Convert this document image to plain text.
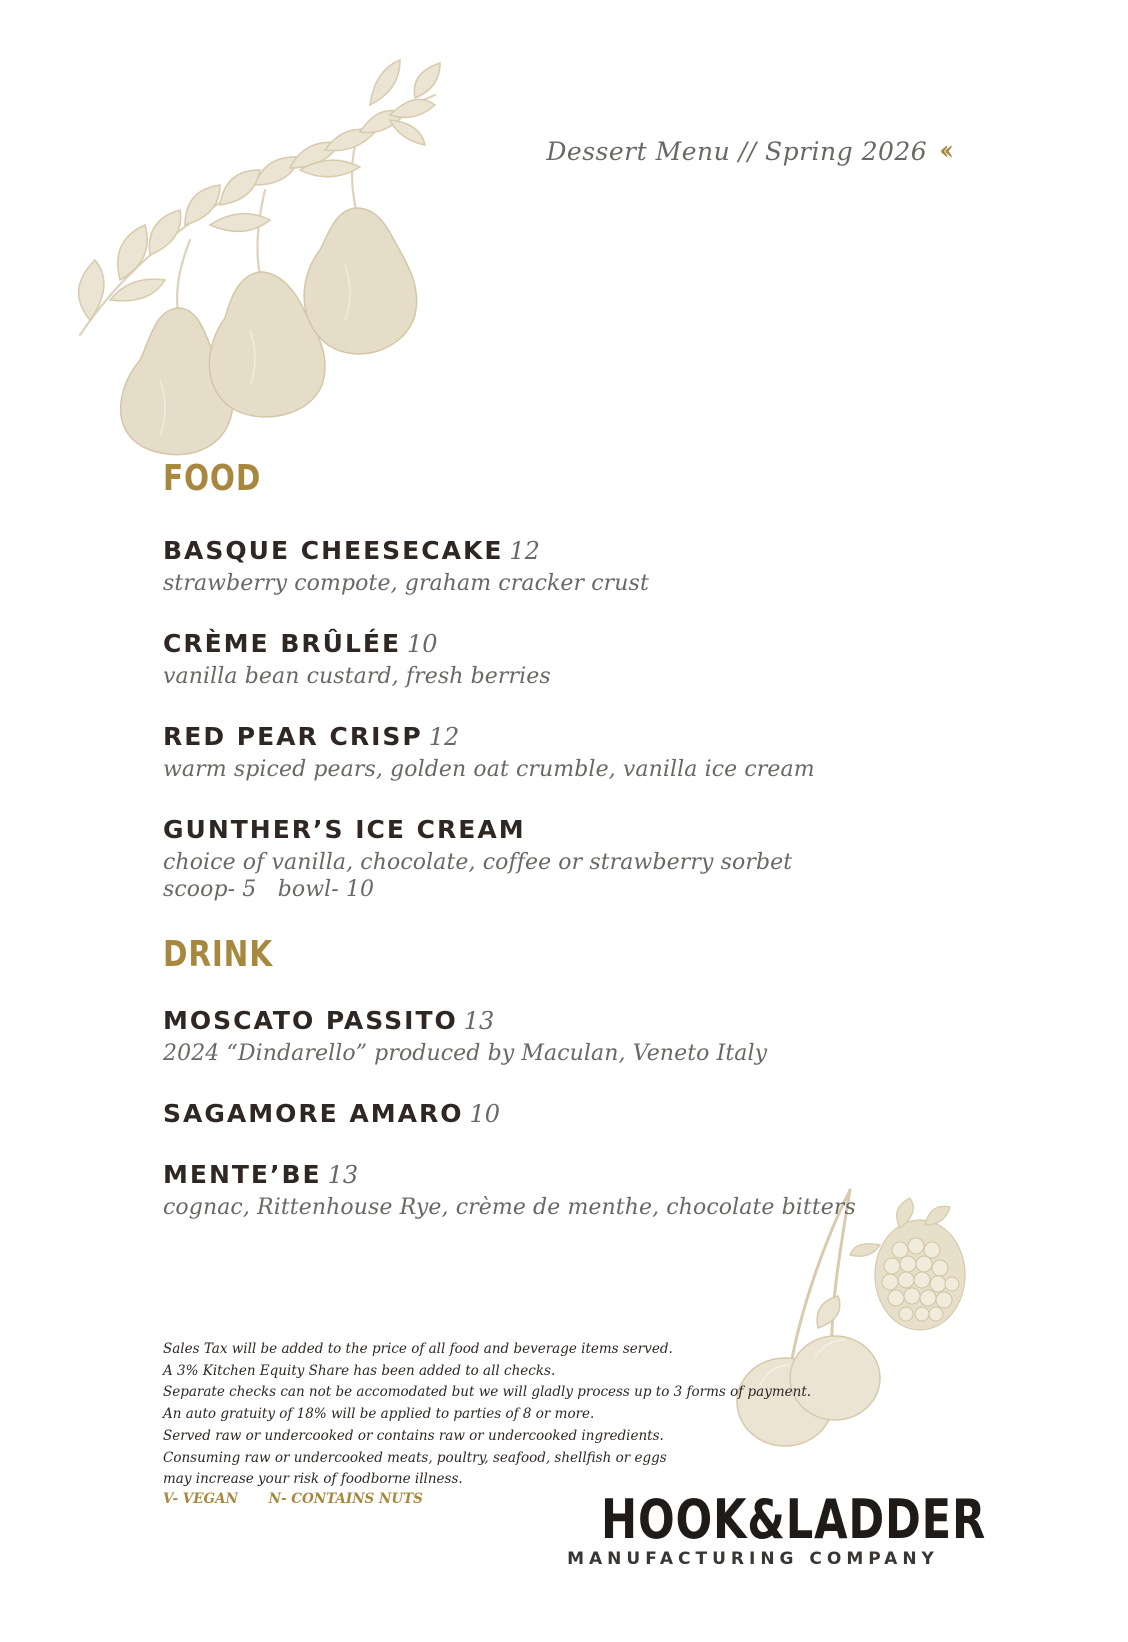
Dessert Menu // Spring 2026 ‹‹
FOOD
BASQUE CHEESECAKE 12
strawberry compote, graham cracker crust
CRÈME BRÛLÉE 10
vanilla bean custard, fresh berries
RED PEAR CRISP 12
warm spiced pears, golden oat crumble, vanilla ice cream
GUNTHER’S ICE CREAM
choice of vanilla, chocolate, coffee or strawberry sorbet
scoop- 5   bowl- 10
DRINK
MOSCATO PASSITO 13
2024 “Dindarello” produced by Maculan, Veneto Italy
SAGAMORE AMARO 10
MENTE’BE 13
cognac, Rittenhouse Rye, crème de menthe, chocolate bitters
Sales Tax will be added to the price of all food and beverage items served.
A 3% Kitchen Equity Share has been added to all checks.
Separate checks can not be accomodated but we will gladly process up to 3 forms of payment.
An auto gratuity of 18% will be applied to parties of 8 or more.
Served raw or undercooked or contains raw or undercooked ingredients.
Consuming raw or undercooked meats, poultry, seafood, shellfish or eggs
may increase your risk of foodborne illness.
V- VEGAN N- CONTAINS NUTS	HOOK&LADDER
MANUFACTURING COMPANY
